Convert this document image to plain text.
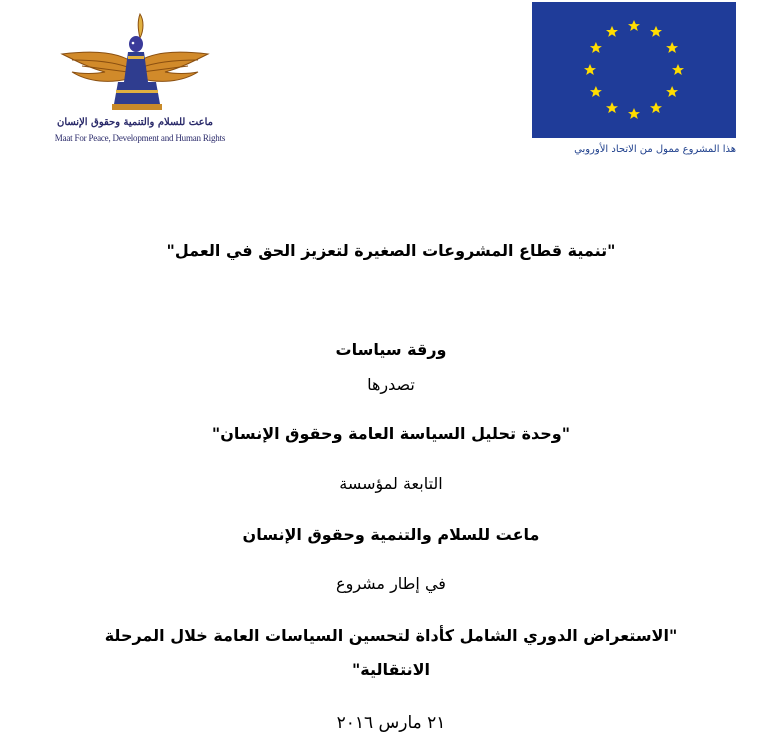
ماعت للسلام والتنمية وحقوق الإنسان
Maat For Peace, Development and Human Rights
هذا المشروع ممول من الاتحاد الأوروبي
"تنمية قطاع المشروعات الصغيرة لتعزيز الحق في العمل"
ورقة سياسات
تصدرها
"وحدة تحليل السياسة العامة وحقوق الإنسان"
التابعة لمؤسسة
ماعت للسلام والتنمية وحقوق الإنسان
في إطار مشروع
"الاستعراض الدوري الشامل كأداة لتحسين السياسات العامة خلال المرحلة
الانتقالية"
٢١ مارس ٢٠١٦
